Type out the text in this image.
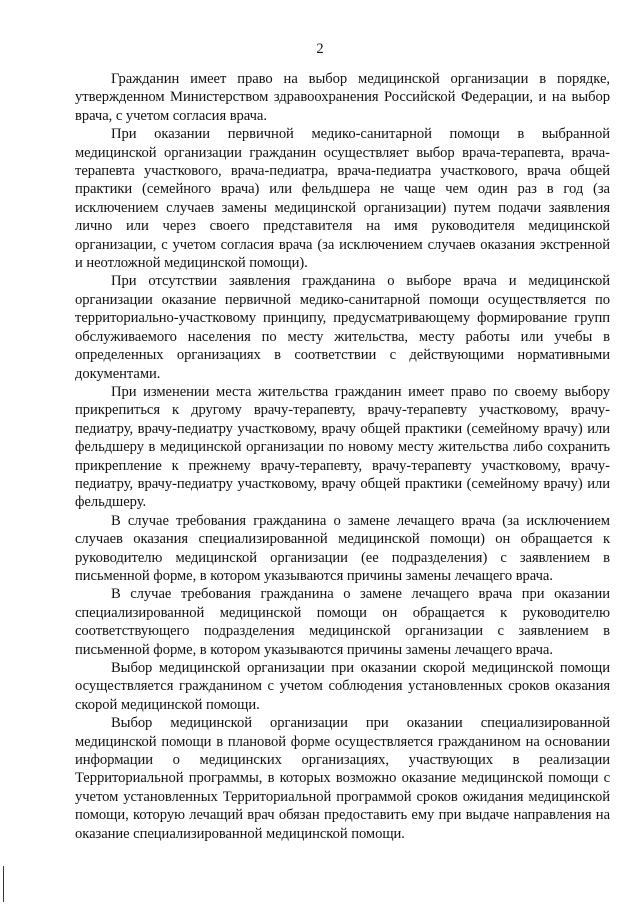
2

Гражданин имеет право на выбор медицинской организации в порядке, утвержденном Министерством здравоохранения Российской Федерации, и на выбор врача, с учетом согласия врача.

При оказании первичной медико-санитарной помощи в выбранной медицинской организации гражданин осуществляет выбор врача-терапевта, врача-терапевта участкового, врача-педиатра, врача-педиатра участкового, врача общей практики (семейного врача) или фельдшера не чаще чем один раз в год (за исключением случаев замены медицинской организации) путем подачи заявления лично или через своего представителя на имя руководителя медицинской организации, с учетом согласия врача (за исключением случаев оказания экстренной и неотложной медицинской помощи).

При отсутствии заявления гражданина о выборе врача и медицинской организации оказание первичной медико-санитарной помощи осуществляется по территориально-участковому принципу, предусматривающему формирование групп обслуживаемого населения по месту жительства, месту работы или учебы в определенных организациях в соответствии с действующими нормативными документами.

При изменении места жительства гражданин имеет право по своему выбору прикрепиться к другому врачу-терапевту, врачу-терапевту участковому, врачу-педиатру, врачу-педиатру участковому, врачу общей практики (семейному врачу) или фельдшеру в медицинской организации по новому месту жительства либо сохранить прикрепление к прежнему врачу-терапевту, врачу-терапевту участковому, врачу-педиатру, врачу-педиатру участковому, врачу общей практики (семейному врачу) или фельдшеру.

В случае требования гражданина о замене лечащего врача (за исключением случаев оказания специализированной медицинской помощи) он обращается к руководителю медицинской организации (ее подразделения) с заявлением в письменной форме, в котором указываются причины замены лечащего врача.

В случае требования гражданина о замене лечащего врача при оказании специализированной медицинской помощи он обращается к руководителю соответствующего подразделения медицинской организации с заявлением в письменной форме, в котором указываются причины замены лечащего врача.

Выбор медицинской организации при оказании скорой медицинской помощи осуществляется гражданином с учетом соблюдения установленных сроков оказания скорой медицинской помощи.

Выбор медицинской организации при оказании специализированной медицинской помощи в плановой форме осуществляется гражданином на основании информации о медицинских организациях, участвующих в реализации Территориальной программы, в которых возможно оказание медицинской помощи с учетом установленных Территориальной программой сроков ожидания медицинской помощи, которую лечащий врач обязан предоставить ему при выдаче направления на оказание специализированной медицинской помощи.
